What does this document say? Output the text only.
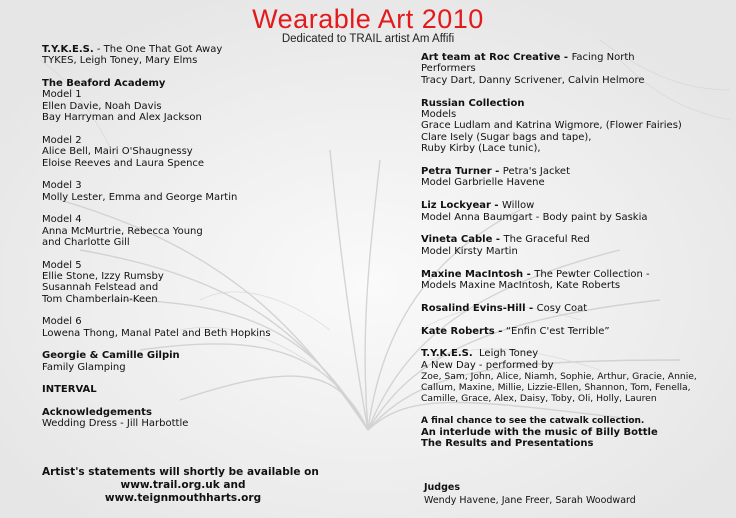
Wearable Art 2010

Dedicated to TRAIL artist Am Affifi

T.Y.K.E.S. - The One That Got Away
TYKES, Leigh Toney, Mary Elms
The Beaford Academy
Model 1
Ellen Davie, Noah Davis
Bay Harryman and Alex Jackson
Model 2
Alice Bell, Mairi O'Shaugnessy
Eloise Reeves and Laura Spence
Model 3
Molly Lester, Emma and George Martin
Model 4
Anna McMurtrie, Rebecca Young
and Charlotte Gill
Model 5
Ellie Stone, Izzy Rumsby
Susannah Felstead and
Tom Chamberlain-Keen
Model 6
Lowena Thong, Manal Patel and Beth Hopkins
Georgie & Camille Gilpin
Family Glamping
INTERVAL
Acknowledgements
Wedding Dress - Jill Harbottle
Artist's statements will shortly be available on
www.trail.org.uk and
www.teignmouthharts.org
Art team at Roc Creative - Facing North
Performers
Tracy Dart, Danny Scrivener, Calvin Helmore
Russian Collection
Models
Grace Ludlam and Katrina Wigmore, (Flower Fairies)
Clare Isely (Sugar bags and tape),
Ruby Kirby (Lace tunic),
Petra Turner - Petra's Jacket
Model Garbrielle Havene
Liz Lockyear - Willow
Model Anna Baumgart - Body paint by Saskia
Vineta Cable - The Graceful Red
Model Kirsty Martin
Maxine MacIntosh - The Pewter Collection -
Models Maxine MacIntosh, Kate Roberts
Rosalind Evins-Hill - Cosy Coat
Kate Roberts - “Enfin C'est Terrible”
T.Y.K.E.S.  Leigh Toney
A New Day - performed by
Zoe, Sam, John, Alice, Niamh, Sophie, Arthur, Gracie, Annie,
Callum, Maxine, Millie, Lizzie-Ellen, Shannon, Tom, Fenella,
Camille, Grace, Alex, Daisy, Toby, Oli, Holly, Lauren
A final chance to see the catwalk collection.
An interlude with the music of Billy Bottle
The Results and Presentations
Judges
Wendy Havene, Jane Freer, Sarah Woodward
